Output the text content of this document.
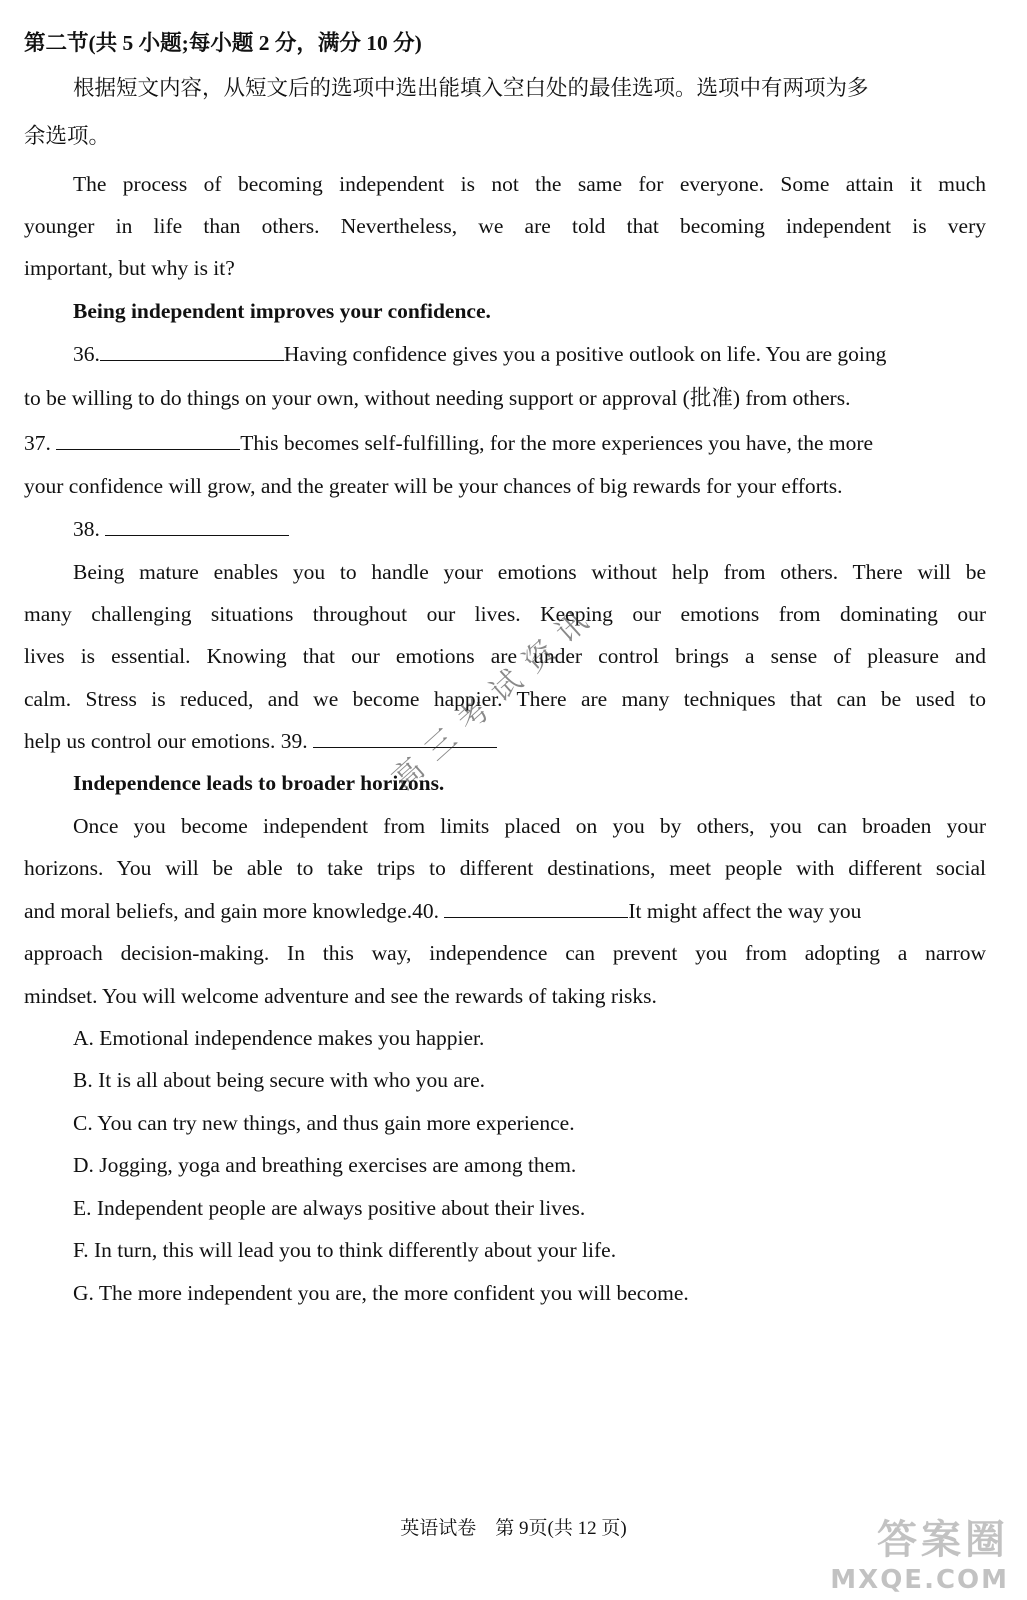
第二节(共 5 小题;每小题 2 分，满分 10 分)
根据短文内容，从短文后的选项中选出能填入空白处的最佳选项。选项中有两项为多
余选项。
The process of becoming independent is not the same for everyone. Some attain it much
younger in life than others. Nevertheless, we are told that becoming independent is very
important, but why is it?
Being independent improves your confidence.
36.	Having confidence gives you a positive outlook on life. You are going
to be willing to do things on your own, without needing support or approval (批准) from others.
37.	This becomes self-fulfilling, for the more experiences you have, the more
your confidence will grow, and the greater will be your chances of big rewards for your efforts.
38.
Being mature enables you to handle your emotions without help from others. There will be
many challenging situations throughout our lives. Keeping our emotions from dominating our
lives is essential. Knowing that our emotions are under control brings a sense of pleasure and
calm. Stress is reduced, and we become happier. There are many techniques that can be used to
help us control our emotions. 39.
Independence leads to broader horizons.
Once you become independent from limits placed on you by others, you can broaden your
horizons. You will be able to take trips to different destinations, meet people with different social
and moral beliefs, and gain more knowledge.40.	It might affect the way you
approach decision-making. In this way, independence can prevent you from adopting a narrow
mindset. You will welcome adventure and see the rewards of taking risks.
A. Emotional independence makes you happier.
B. It is all about being secure with who you are.
C. You can try new things, and thus gain more experience.
D. Jogging, yoga and breathing exercises are among them.
E. Independent people are always positive about their lives.
F. In turn, this will lead you to think differently about your life.
G. The more independent you are, the more confident you will become.
高三考试资讯
英语试卷　第 9页(共 12 页)	答案圈
MXQE.COM
